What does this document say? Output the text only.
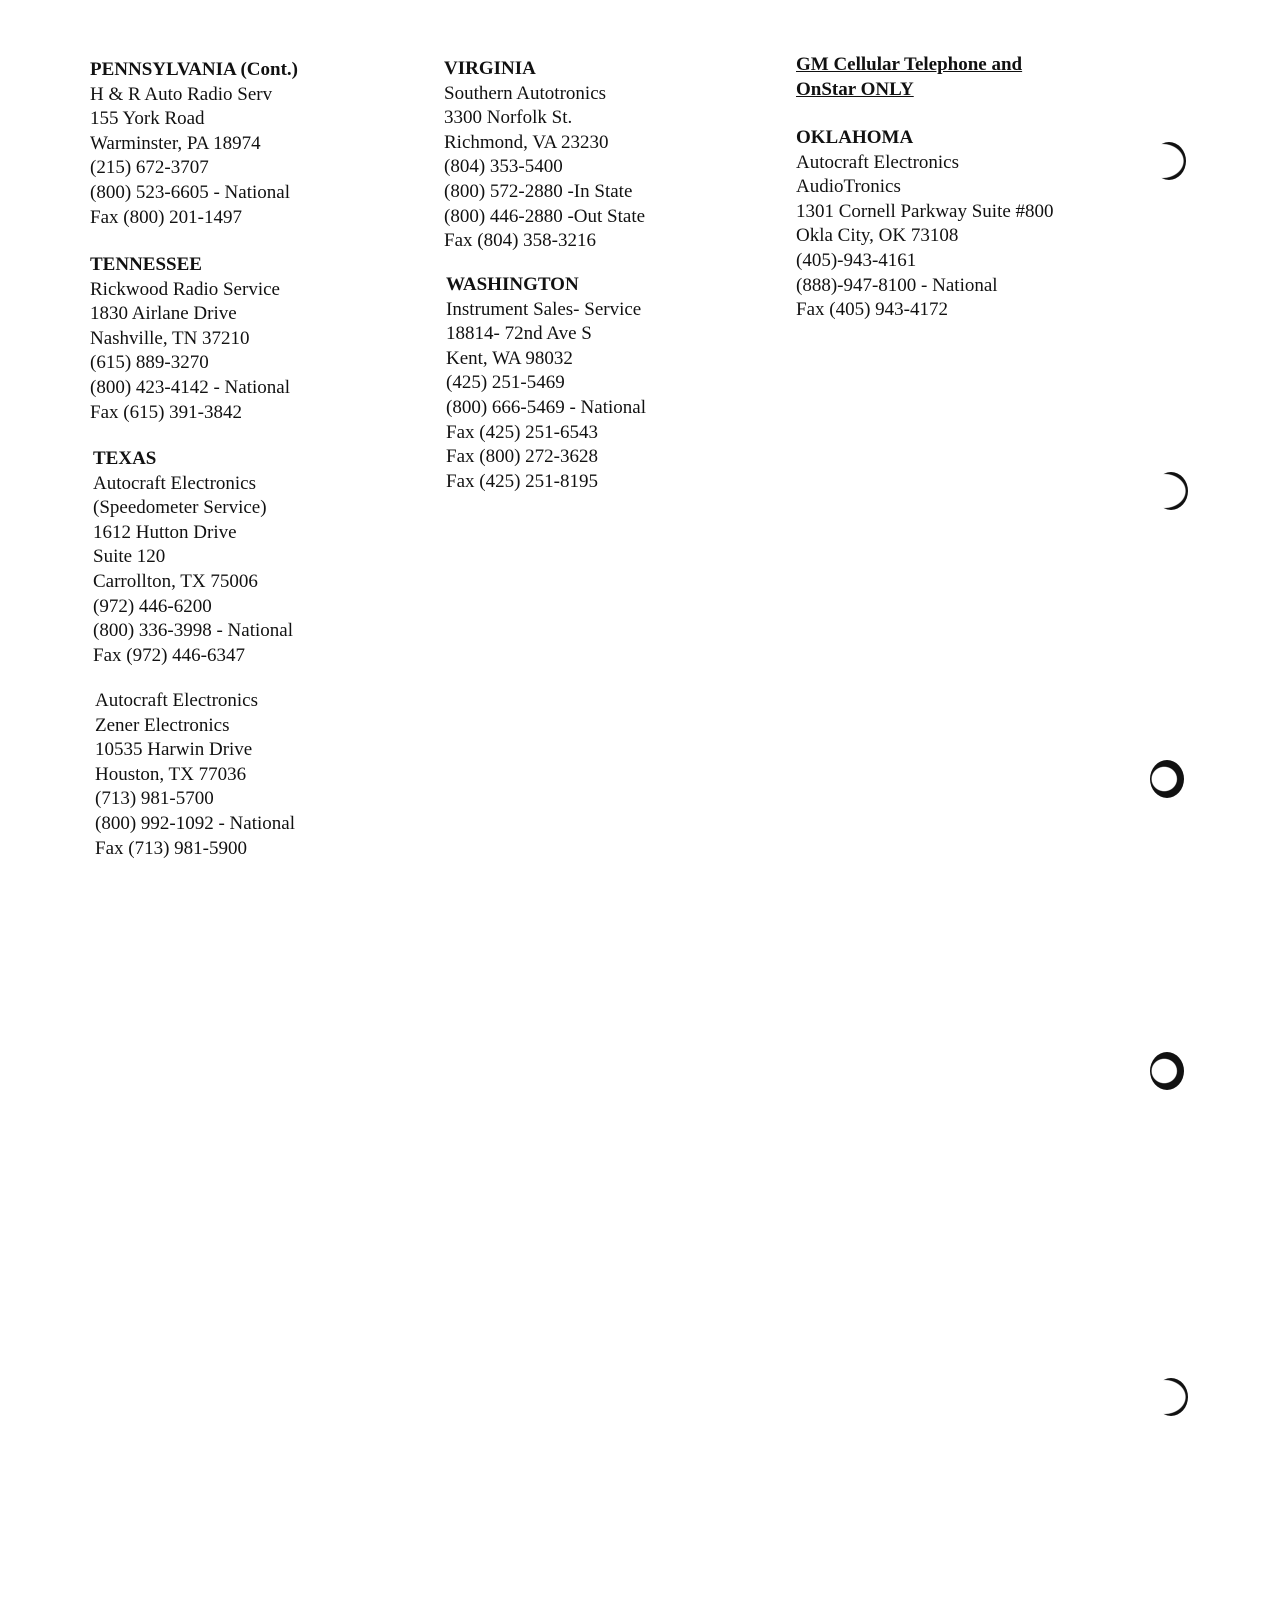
PENNSYLVANIA (Cont.)
H & R Auto Radio Serv
155 York Road
Warminster, PA 18974
(215) 672-3707
(800) 523-6605 - National
Fax (800) 201-1497
TENNESSEE
Rickwood Radio Service
1830 Airlane Drive
Nashville, TN 37210
(615) 889-3270
(800) 423-4142 - National
Fax (615) 391-3842
TEXAS
Autocraft Electronics
(Speedometer Service)
1612 Hutton Drive
Suite 120
Carrollton, TX 75006
(972) 446-6200
(800) 336-3998 - National
Fax (972) 446-6347
Autocraft Electronics
Zener Electronics
10535 Harwin Drive
Houston, TX 77036
(713) 981-5700
(800) 992-1092 - National
Fax (713) 981-5900
VIRGINIA
Southern Autotronics
3300 Norfolk St.
Richmond, VA 23230
(804) 353-5400
(800) 572-2880 -In State
(800) 446-2880 -Out State
Fax (804) 358-3216
WASHINGTON
Instrument Sales- Service
18814- 72nd Ave S
Kent, WA 98032
(425) 251-5469
(800) 666-5469 - National
Fax (425) 251-6543
Fax (800) 272-3628
Fax (425) 251-8195
GM Cellular Telephone and
OnStar ONLY
OKLAHOMA
Autocraft Electronics
AudioTronics
1301 Cornell Parkway Suite #800
Okla City, OK 73108
(405)-943-4161
(888)-947-8100 - National
Fax (405) 943-4172
